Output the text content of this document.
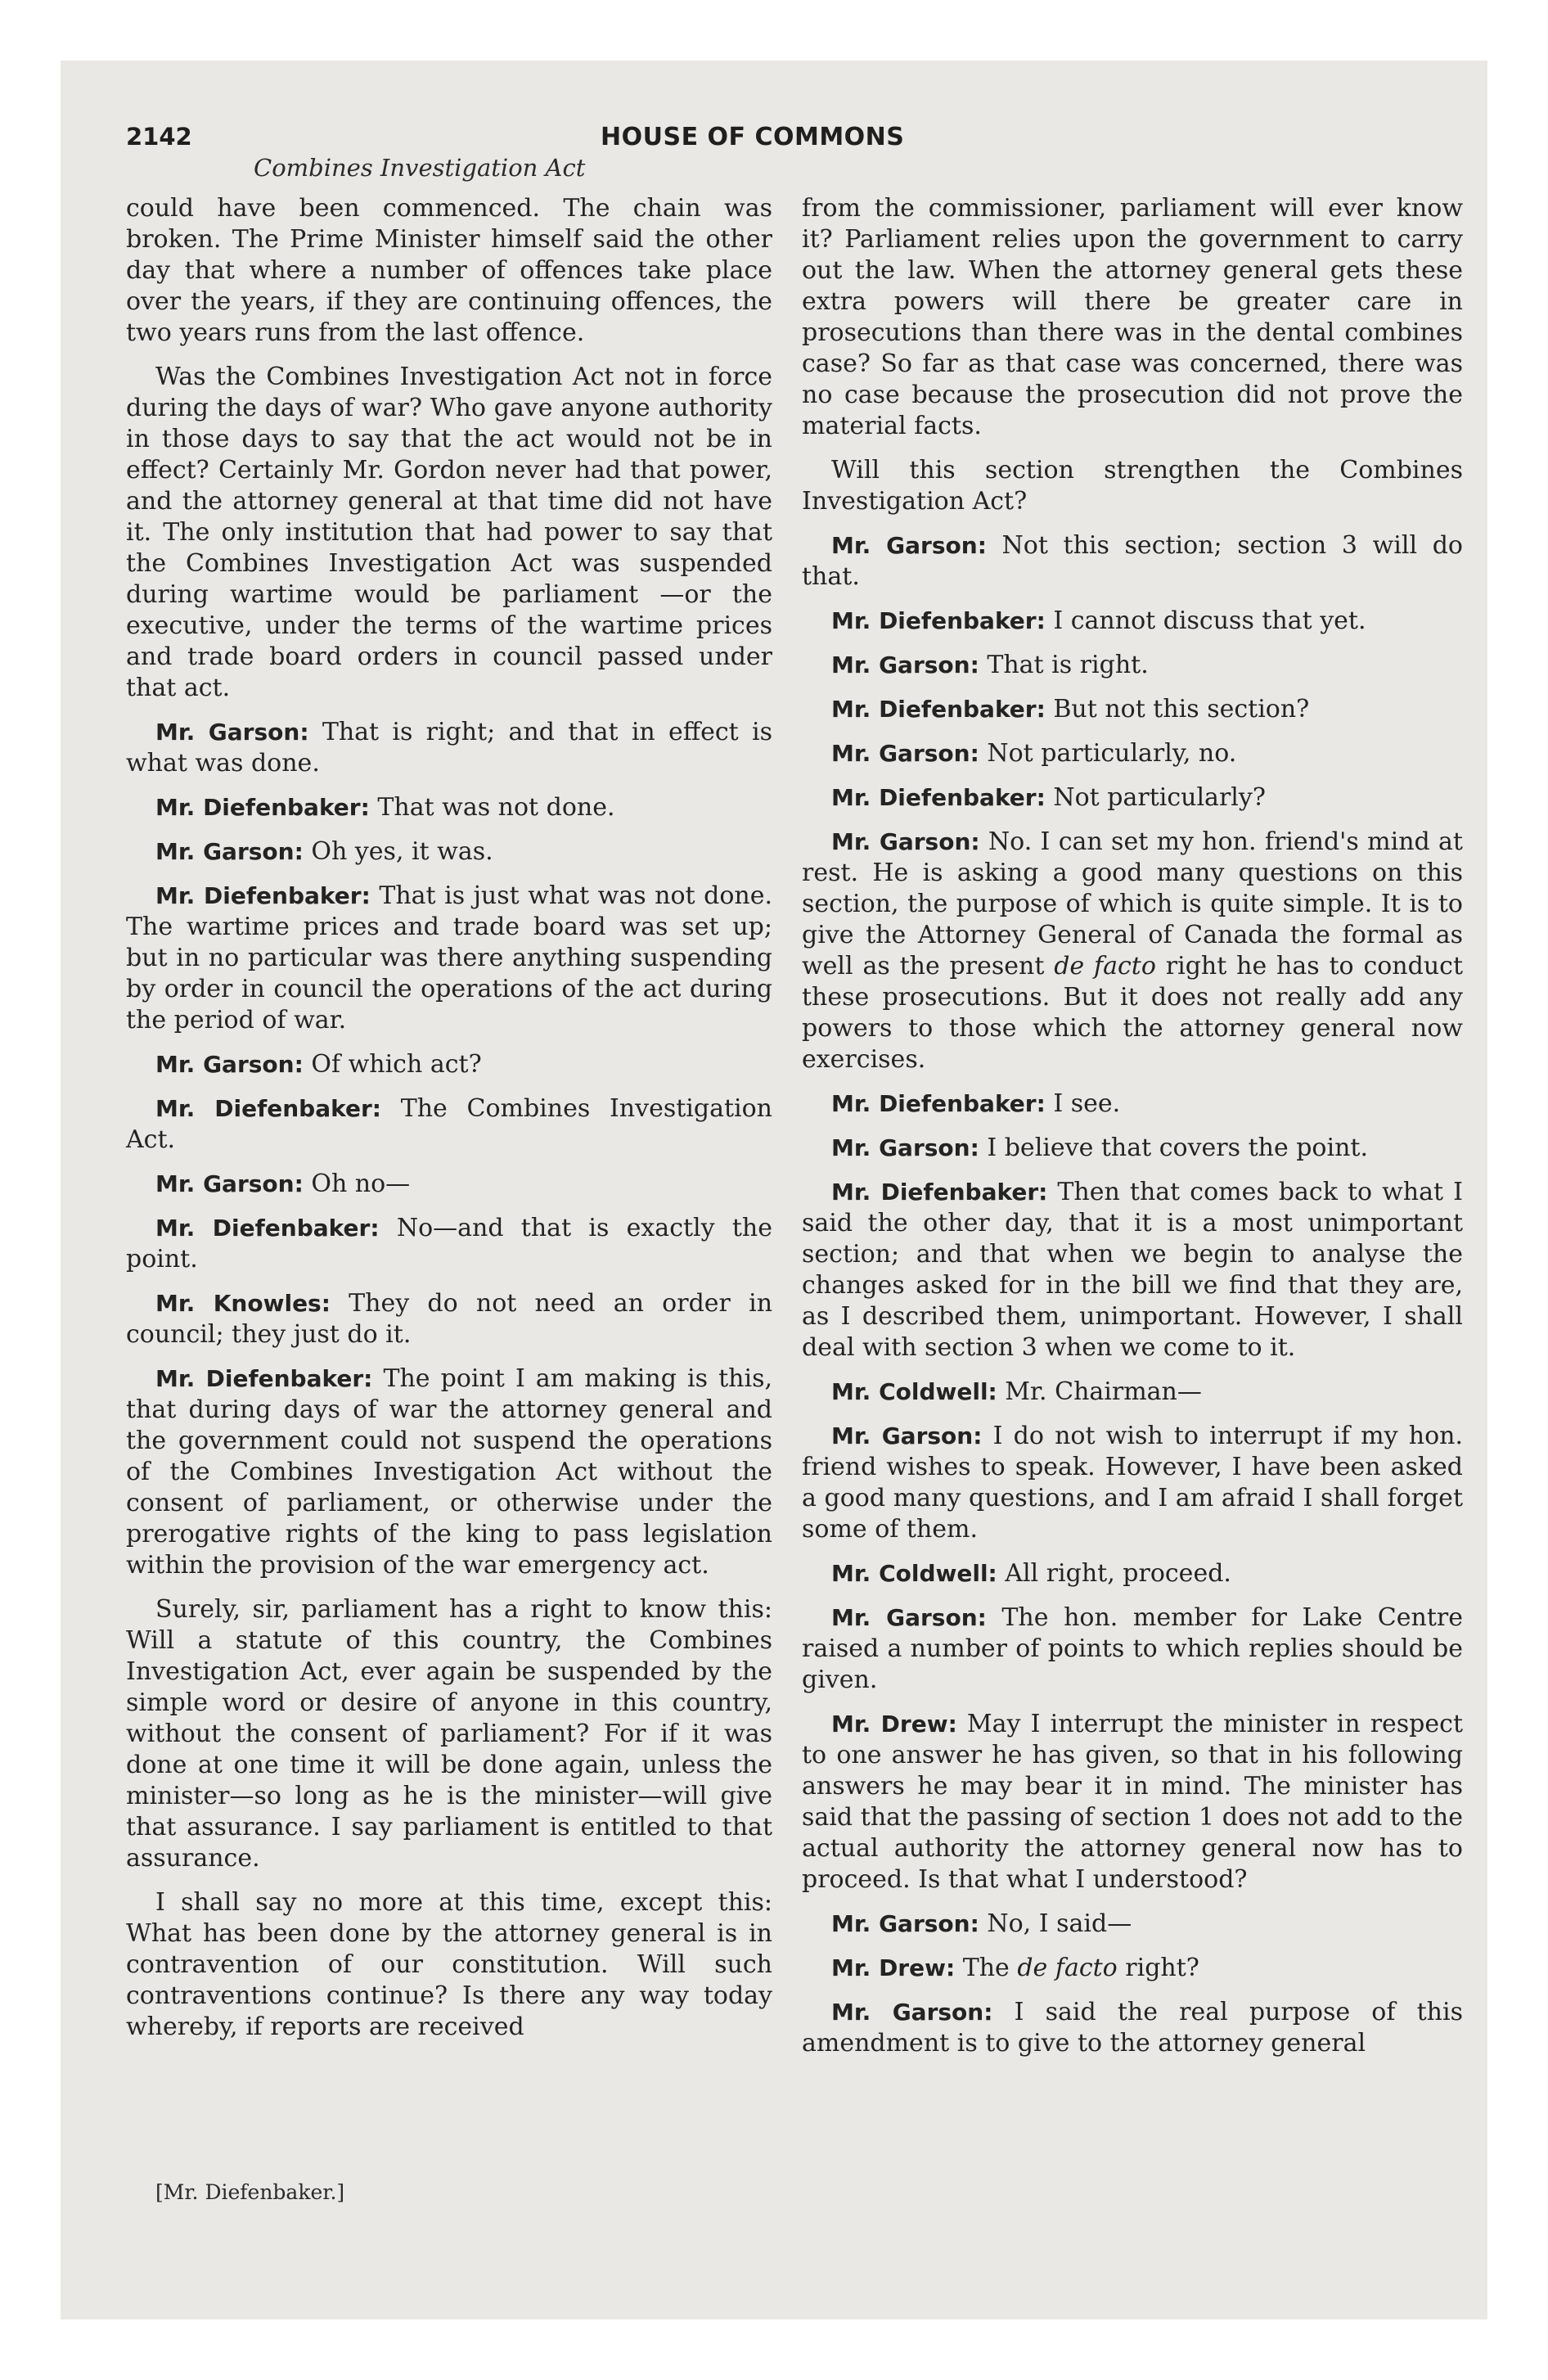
2142	HOUSE OF COMMONS
Combines Investigation Act

could have been commenced. The chain was broken. The Prime Minister himself said the other day that where a number of offences take place over the years, if they are continuing offences, the two years runs from the last offence.

Was the Combines Investigation Act not in force during the days of war? Who gave anyone authority in those days to say that the act would not be in effect? Certainly Mr. Gordon never had that power, and the attorney general at that time did not have it. The only institution that had power to say that the Combines Investigation Act was suspended during wartime would be parliament —or the executive, under the terms of the wartime prices and trade board orders in council passed under that act.

Mr. Garson: That is right; and that in effect is what was done.

Mr. Diefenbaker: That was not done.

Mr. Garson: Oh yes, it was.

Mr. Diefenbaker: That is just what was not done. The wartime prices and trade board was set up; but in no particular was there anything suspending by order in council the operations of the act during the period of war.

Mr. Garson: Of which act?

Mr. Diefenbaker: The Combines Investigation Act.

Mr. Garson: Oh no—

Mr. Diefenbaker: No—and that is exactly the point.

Mr. Knowles: They do not need an order in council; they just do it.

Mr. Diefenbaker: The point I am making is this, that during days of war the attorney general and the government could not suspend the operations of the Combines Investigation Act without the consent of parliament, or otherwise under the prerogative rights of the king to pass legislation within the provision of the war emergency act.

Surely, sir, parliament has a right to know this: Will a statute of this country, the Combines Investigation Act, ever again be suspended by the simple word or desire of anyone in this country, without the consent of parliament? For if it was done at one time it will be done again, unless the minister—so long as he is the minister—will give that assurance. I say parliament is entitled to that assurance.

I shall say no more at this time, except this: What has been done by the attorney general is in contravention of our constitution. Will such contraventions continue? Is there any way today whereby, if reports are received

from the commissioner, parliament will ever know it? Parliament relies upon the government to carry out the law. When the attorney general gets these extra powers will there be greater care in prosecutions than there was in the dental combines case? So far as that case was concerned, there was no case because the prosecution did not prove the material facts.

Will this section strengthen the Combines Investigation Act?

Mr. Garson: Not this section; section 3 will do that.

Mr. Diefenbaker: I cannot discuss that yet.

Mr. Garson: That is right.

Mr. Diefenbaker: But not this section?

Mr. Garson: Not particularly, no.

Mr. Diefenbaker: Not particularly?

Mr. Garson: No. I can set my hon. friend's mind at rest. He is asking a good many questions on this section, the purpose of which is quite simple. It is to give the Attorney General of Canada the formal as well as the present de facto right he has to conduct these prosecutions. But it does not really add any powers to those which the attorney general now exercises.

Mr. Diefenbaker: I see.

Mr. Garson: I believe that covers the point.

Mr. Diefenbaker: Then that comes back to what I said the other day, that it is a most unimportant section; and that when we begin to analyse the changes asked for in the bill we find that they are, as I described them, unimportant. However, I shall deal with section 3 when we come to it.

Mr. Coldwell: Mr. Chairman—

Mr. Garson: I do not wish to interrupt if my hon. friend wishes to speak. However, I have been asked a good many questions, and I am afraid I shall forget some of them.

Mr. Coldwell: All right, proceed.

Mr. Garson: The hon. member for Lake Centre raised a number of points to which replies should be given.

Mr. Drew: May I interrupt the minister in respect to one answer he has given, so that in his following answers he may bear it in mind. The minister has said that the passing of section 1 does not add to the actual authority the attorney general now has to proceed. Is that what I understood?

Mr. Garson: No, I said—

Mr. Drew: The de facto right?

Mr. Garson: I said the real purpose of this amendment is to give to the attorney general

[Mr. Diefenbaker.]
